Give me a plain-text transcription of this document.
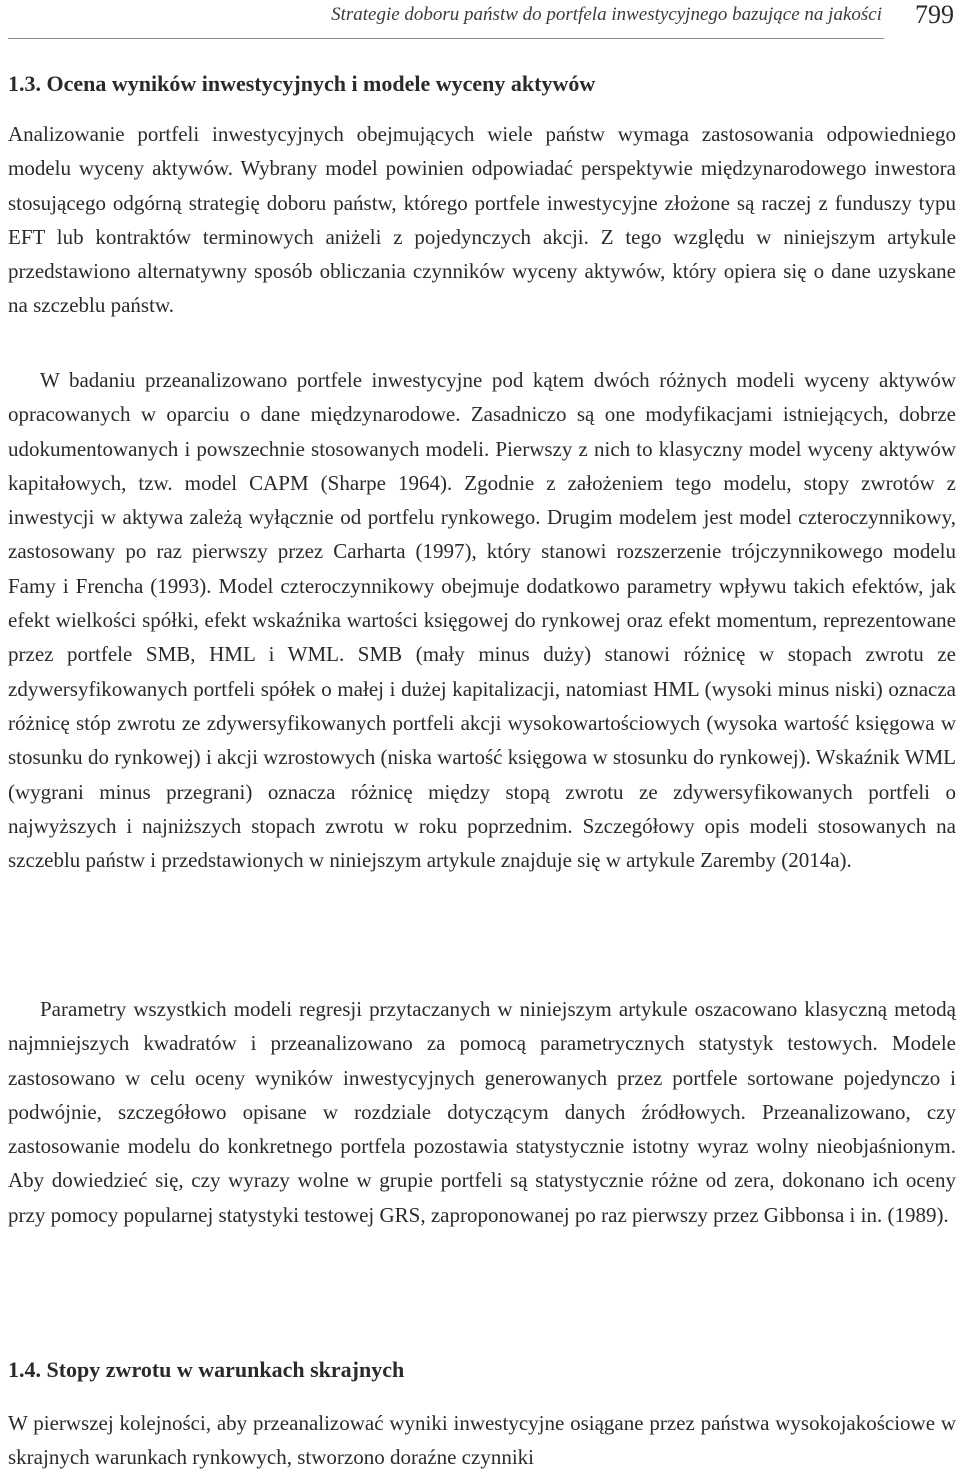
Strategie doboru państw do portfela inwestycyjnego bazujące na jakości 799
1.3. Ocena wyników inwestycyjnych i modele wyceny aktywów

Analizowanie portfeli inwestycyjnych obejmujących wiele państw wymaga zastosowania odpowiedniego modelu wyceny aktywów. Wybrany model powinien odpowiadać perspektywie międzynarodowego inwestora stosującego odgórną strategię doboru państw, którego portfele inwestycyjne złożone są raczej z funduszy typu EFT lub kontraktów terminowych aniżeli z pojedynczych akcji. Z tego względu w niniejszym artykule przedstawiono alternatywny sposób obliczania czynników wyceny aktywów, który opiera się o dane uzyskane na szczeblu państw.

W badaniu przeanalizowano portfele inwestycyjne pod kątem dwóch różnych modeli wyceny aktywów opracowanych w oparciu o dane międzynarodowe. Zasadniczo są one modyfikacjami istniejących, dobrze udokumentowanych i powszechnie stosowanych modeli. Pierwszy z nich to klasyczny model wyceny aktywów kapitałowych, tzw. model CAPM (Sharpe 1964). Zgodnie z założeniem tego modelu, stopy zwrotów z inwestycji w aktywa zależą wyłącznie od portfelu rynkowego. Drugim modelem jest model czteroczynnikowy, zastosowany po raz pierwszy przez Carharta (1997), który stanowi rozszerzenie trójczynnikowego modelu Famy i Frencha (1993). Model czteroczynnikowy obejmuje dodatkowo parametry wpływu takich efektów, jak efekt wielkości spółki, efekt wskaźnika wartości księgowej do rynkowej oraz efekt momentum, reprezentowane przez portfele SMB, HML i WML. SMB (mały minus duży) stanowi różnicę w stopach zwrotu ze zdywersyfikowanych portfeli spółek o małej i dużej kapitalizacji, natomiast HML (wysoki minus niski) oznacza różnicę stóp zwrotu ze zdywersyfikowanych portfeli akcji wysokowartościowych (wysoka wartość księgowa w stosunku do rynkowej) i akcji wzrostowych (niska wartość księgowa w stosunku do rynkowej). Wskaźnik WML (wygrani minus przegrani) oznacza różnicę między stopą zwrotu ze zdywersyfikowanych portfeli o najwyższych i najniższych stopach zwrotu w roku poprzednim. Szczegółowy opis modeli stosowanych na szczeblu państw i przedstawionych w niniejszym artykule znajduje się w artykule Zaremby (2014a).

Parametry wszystkich modeli regresji przytaczanych w niniejszym artykule oszacowano klasyczną metodą najmniejszych kwadratów i przeanalizowano za pomocą parametrycznych statystyk testowych. Modele zastosowano w celu oceny wyników inwestycyjnych generowanych przez portfele sortowane pojedynczo i podwójnie, szczegółowo opisane w rozdziale dotyczącym danych źródłowych. Przeanalizowano, czy zastosowanie modelu do konkretnego portfela pozostawia statystycznie istotny wyraz wolny nieobjaśnionym. Aby dowiedzieć się, czy wyrazy wolne w grupie portfeli są statystycznie różne od zera, dokonano ich oceny przy pomocy popularnej statystyki testowej GRS, zaproponowanej po raz pierwszy przez Gibbonsa i in. (1989).

1.4. Stopy zwrotu w warunkach skrajnych

W pierwszej kolejności, aby przeanalizować wyniki inwestycyjne osiągane przez państwa wysokojakościowe w skrajnych warunkach rynkowych, stworzono doraźne czynniki
